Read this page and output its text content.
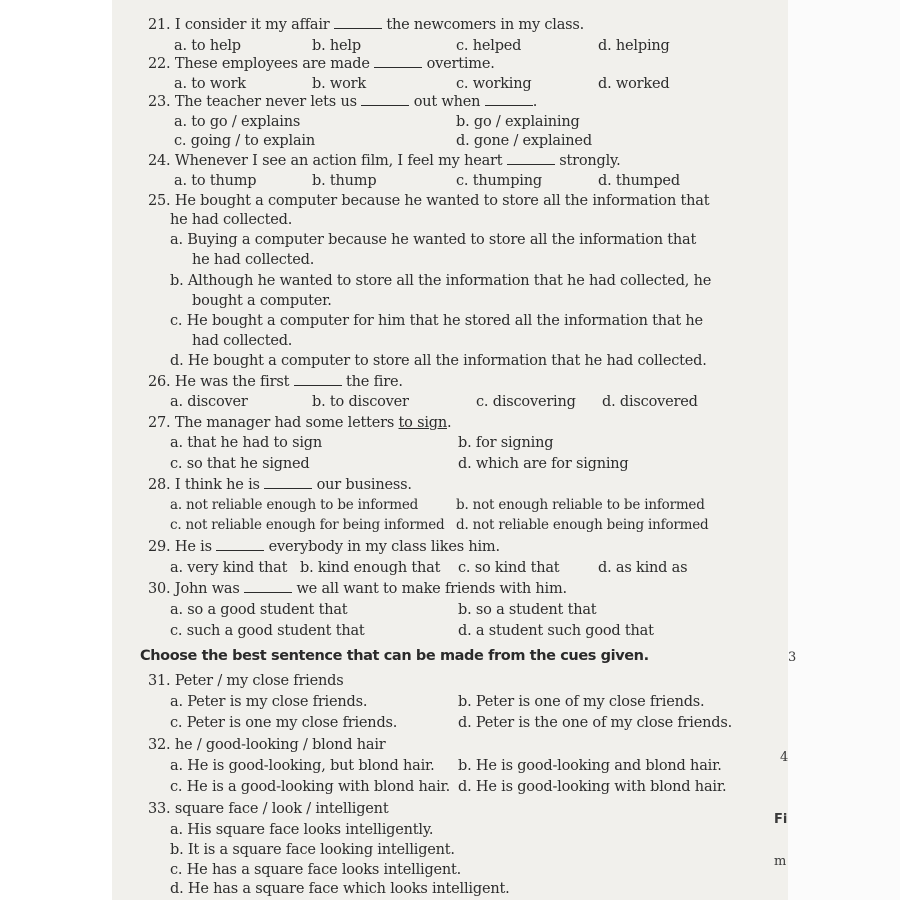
21. I consider it my affair	the newcomers in my class.
a. to help	b. help	c. helped	d. helping
22. These employees are made	overtime.
a. to work	b. work	c. working	d. worked
23. The teacher never lets us	out when	.
a. to go / explains	b. go / explaining
c. going / to explain	d. gone / explained
24. Whenever I see an action film, I feel my heart	strongly.
a. to thump	b. thump	c. thumping	d. thumped
25. He bought a computer because he wanted to store all the information that
he had collected.
a. Buying a computer because he wanted to store all the information that
he had collected.
b. Although he wanted to store all the information that he had collected, he
bought a computer.
c. He bought a computer for him that he stored all the information that he
had collected.
d. He bought a computer to store all the information that he had collected.
26. He was the first	the fire.
a. discover	b. to discover	c. discovering d. discovered
27. The manager had some letters to sign.
a. that he had to sign	b. for signing
c. so that he signed	d. which are for signing
28. I think he is	our business.
a. not reliable enough to be informed	b. not enough reliable to be informed
c. not reliable enough for being informed d. not reliable enough being informed
29. He is	everybody in my class likes him.
a. very kind that b. kind enough that c. so kind that	d. as kind as
30. John was	we all want to make friends with him.
a. so a good student that	b. so a student that
c. such a good student that	d. a student such good that
Choose the best sentence that can be made from the cues given.
31. Peter / my close friends
a. Peter is my close friends.	b. Peter is one of my close friends.
c. Peter is one my close friends.	d. Peter is the one of my close friends.
32. he / good-looking / blond hair
a. He is good-looking, but blond hair. b. He is good-looking and blond hair.
c. He is a good-looking with blond hair. d. He is good-looking with blond hair.
33. square face / look / intelligent
a. His square face looks intelligently.
b. It is a square face looking intelligent.
c. He has a square face looks intelligent.
d. He has a square face which looks intelligent.
3
4
Fi
m
